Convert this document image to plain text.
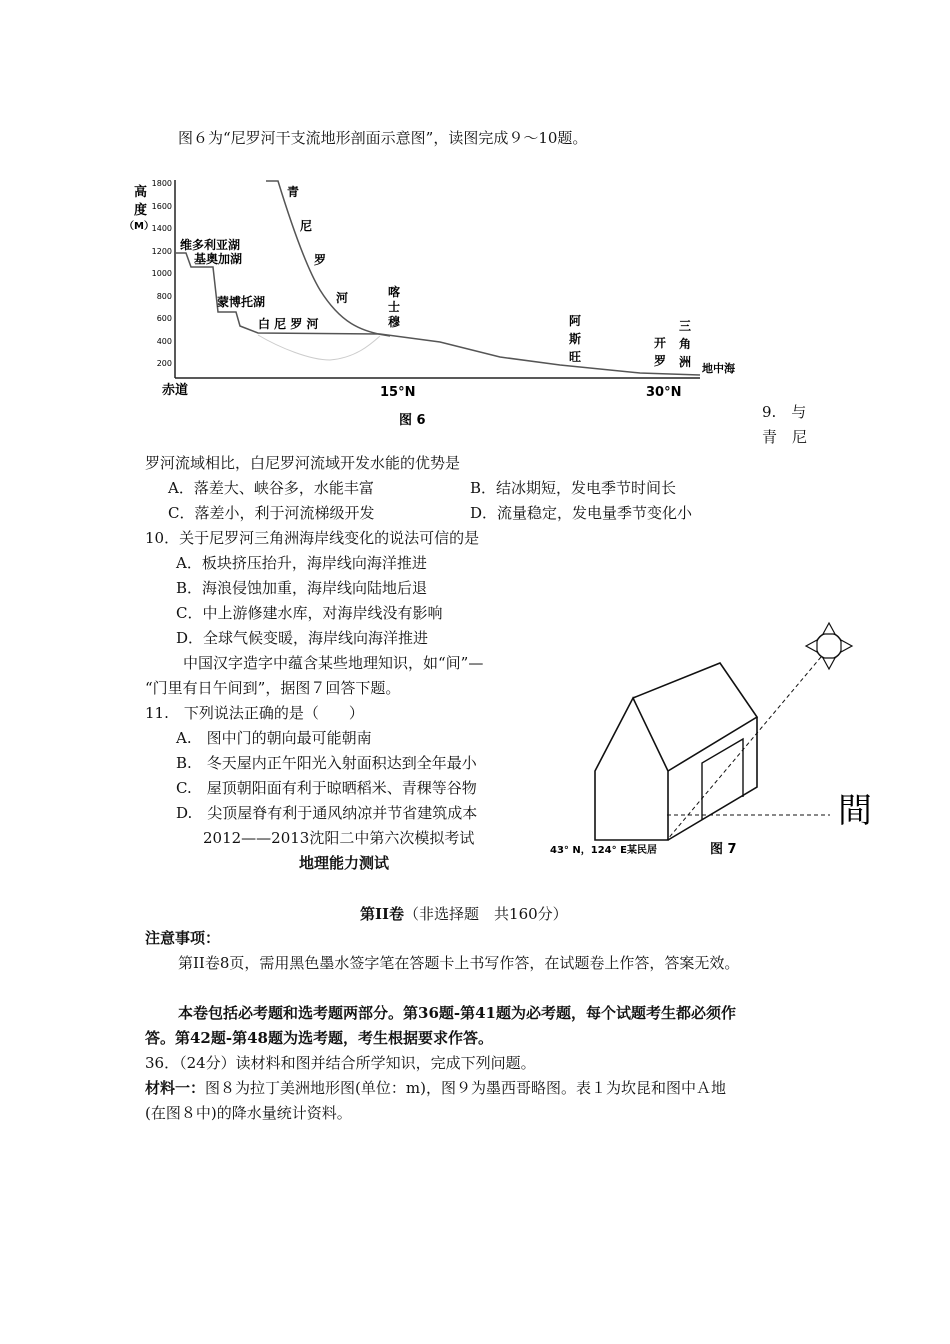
图６为“尼罗河干支流地形剖面示意图”，读图完成９～10题。
高
度
（M）
1800
1600
1400
1200
1000
800
600
400
200
维多利亚湖
基奥加湖
蒙博托湖
白 尼 罗 河
青
尼
罗
河	喀
士
穆	阿
斯
旺
开
罗
三
角
洲 地中海
赤道	15°N	30°N
图 6	9.　与
青　尼
罗河流域相比，白尼罗河流域开发水能的优势是
A．落差大、峡谷多，水能丰富	B．结冰期短，发电季节时间长
C．落差小，利于河流梯级开发	D．流量稳定，发电量季节变化小
10．关于尼罗河三角洲海岸线变化的说法可信的是
A．板块挤压抬升，海岸线向海洋推进
B．海浪侵蚀加重，海岸线向陆地后退
C．中上游修建水库，对海岸线没有影响
D．全球气候变暖，海岸线向海洋推进
中国汉字造字中蕴含某些地理知识，如“间”—
“门里有日午间到”，据图７回答下题。
11.　下列说法正确的是（　　）
A.　图中门的朝向最可能朝南
B.　冬天屋内正午阳光入射面积达到全年最小
C.　屋顶朝阳面有利于晾晒稻米、青稞等谷物
D.　尖顶屋脊有利于通风纳凉并节省建筑成本	間
43° N，124° E某民居	图 7
2012——2013沈阳二中第六次模拟考试
地理能力测试
第II卷（非选择题　共160分）
注意事项：
第II卷8页，需用黑色墨水签字笔在答题卡上书写作答，在试题卷上作答，答案无效。
本卷包括必考题和选考题两部分。第36题-第41题为必考题，每个试题考生都必须作
答。第42题-第48题为选考题，考生根据要求作答。
36．（24分）读材料和图并结合所学知识，完成下列问题。
材料一：图８为拉丁美洲地形图(单位：m)，图９为墨西哥略图。表１为坎昆和图中Ａ地
(在图８中)的降水量统计资料。
